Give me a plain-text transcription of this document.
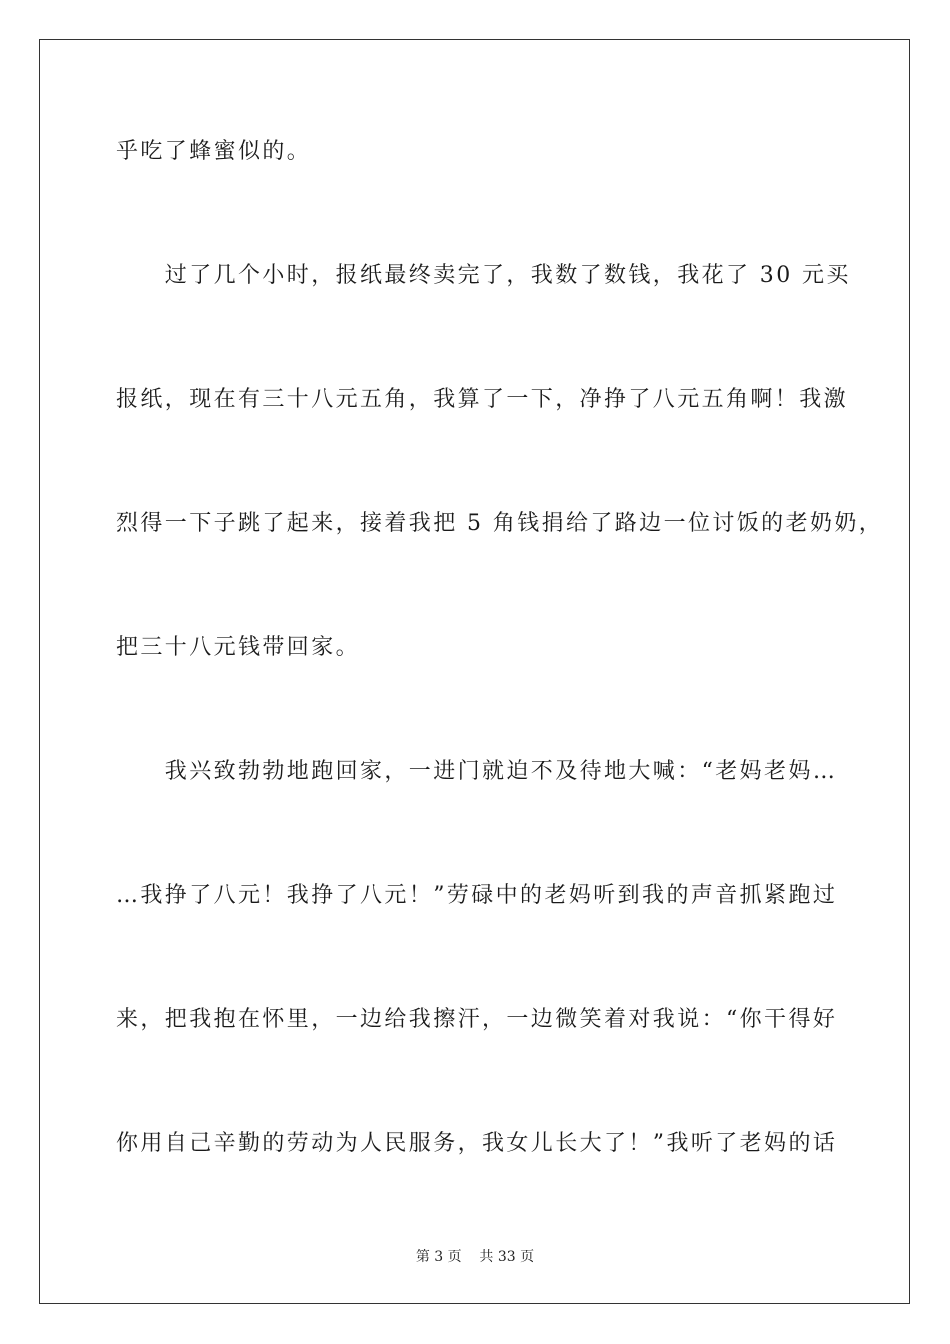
乎吃了蜂蜜似的。
　　过了几个小时，报纸最终卖完了，我数了数钱，我花了 30 元买
报纸，现在有三十八元五角，我算了一下，净挣了八元五角啊！我激
烈得一下子跳了起来，接着我把 5 角钱捐给了路边一位讨饭的老奶奶，
把三十八元钱带回家。
　　我兴致勃勃地跑回家，一进门就迫不及待地大喊：“老妈老妈…
…我挣了八元！我挣了八元！”劳碌中的老妈听到我的声音抓紧跑过
来，把我抱在怀里，一边给我擦汗，一边微笑着对我说：“你干得好
你用自己辛勤的劳动为人民服务，我女儿长大了！”我听了老妈的话
第 3 页    共 33 页
